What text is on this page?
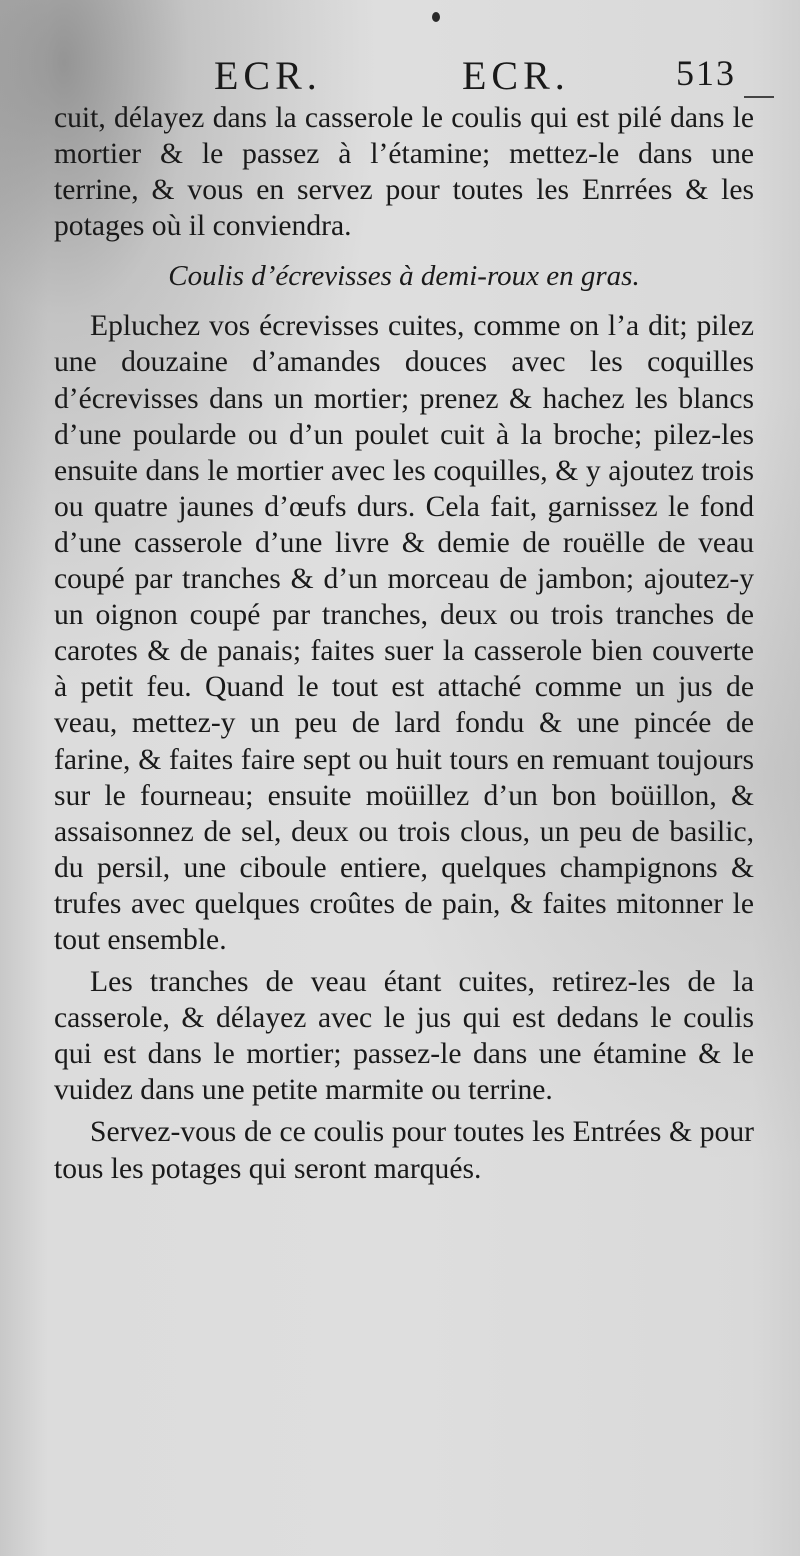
ECR.	ECR.	513

cuit, délayez dans la casserole le coulis qui est pilé dans le mortier & le passez à l’étamine; mettez-le dans une terrine, & vous en servez pour toutes les Enrrées & les potages où il conviendra.

Coulis d’écrevisses à demi-roux en gras.

Epluchez vos écrevisses cuites, comme on l’a dit; pilez une douzaine d’amandes douces avec les coquilles d’écrevisses dans un mortier; prenez & hachez les blancs d’une poularde ou d’un poulet cuit à la broche; pilez-les ensuite dans le mortier avec les coquilles, & y ajoutez trois ou quatre jaunes d’œufs durs. Cela fait, garnissez le fond d’une casserole d’une livre & demie de rouëlle de veau coupé par tranches & d’un morceau de jambon; ajoutez-y un oignon coupé par tranches, deux ou trois tranches de carotes & de panais; faites suer la casserole bien couverte à petit feu. Quand le tout est attaché comme un jus de veau, mettez-y un peu de lard fondu & une pincée de farine, & faites faire sept ou huit tours en remuant toujours sur le fourneau; ensuite moüillez d’un bon boüillon, & assaisonnez de sel, deux ou trois clous, un peu de basilic, du persil, une ciboule entiere, quelques champignons & trufes avec quelques croûtes de pain, & faites mitonner le tout ensemble.

Les tranches de veau étant cuites, retirez-les de la casserole, & délayez avec le jus qui est dedans le coulis qui est dans le mortier; passez-le dans une étamine & le vuidez dans une petite marmite ou terrine.

Servez-vous de ce coulis pour toutes les Entrées & pour tous les potages qui seront marqués.
